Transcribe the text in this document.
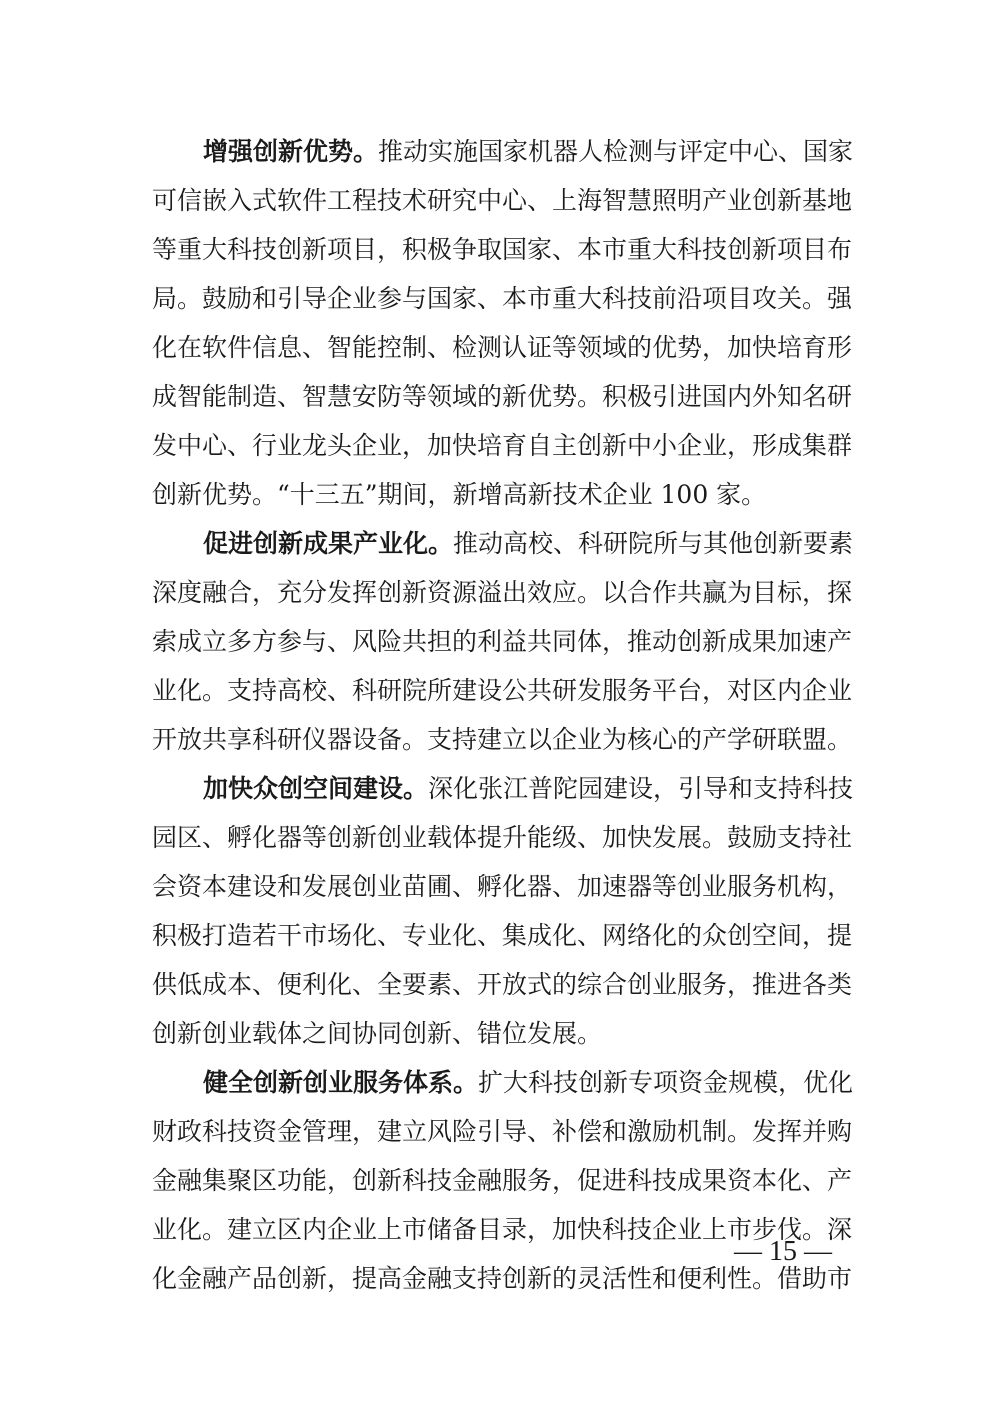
增强创新优势。推动实施国家机器人检测与评定中心、国家
可信嵌入式软件工程技术研究中心、上海智慧照明产业创新基地
等重大科技创新项目，积极争取国家、本市重大科技创新项目布
局。鼓励和引导企业参与国家、本市重大科技前沿项目攻关。强
化在软件信息、智能控制、检测认证等领域的优势，加快培育形
成智能制造、智慧安防等领域的新优势。积极引进国内外知名研
发中心、行业龙头企业，加快培育自主创新中小企业，形成集群
创新优势。“十三五”期间，新增高新技术企业 100 家。
促进创新成果产业化。推动高校、科研院所与其他创新要素
深度融合，充分发挥创新资源溢出效应。以合作共赢为目标，探
索成立多方参与、风险共担的利益共同体，推动创新成果加速产
业化。支持高校、科研院所建设公共研发服务平台，对区内企业
开放共享科研仪器设备。支持建立以企业为核心的产学研联盟。
加快众创空间建设。深化张江普陀园建设，引导和支持科技
园区、孵化器等创新创业载体提升能级、加快发展。鼓励支持社
会资本建设和发展创业苗圃、孵化器、加速器等创业服务机构，
积极打造若干市场化、专业化、集成化、网络化的众创空间，提
供低成本、便利化、全要素、开放式的综合创业服务，推进各类
创新创业载体之间协同创新、错位发展。
健全创新创业服务体系。扩大科技创新专项资金规模，优化
财政科技资金管理，建立风险引导、补偿和激励机制。发挥并购
金融集聚区功能，创新科技金融服务，促进科技成果资本化、产
业化。建立区内企业上市储备目录，加快科技企业上市步伐。深
化金融产品创新，提高金融支持创新的灵活性和便利性。借助市
— 15 —
